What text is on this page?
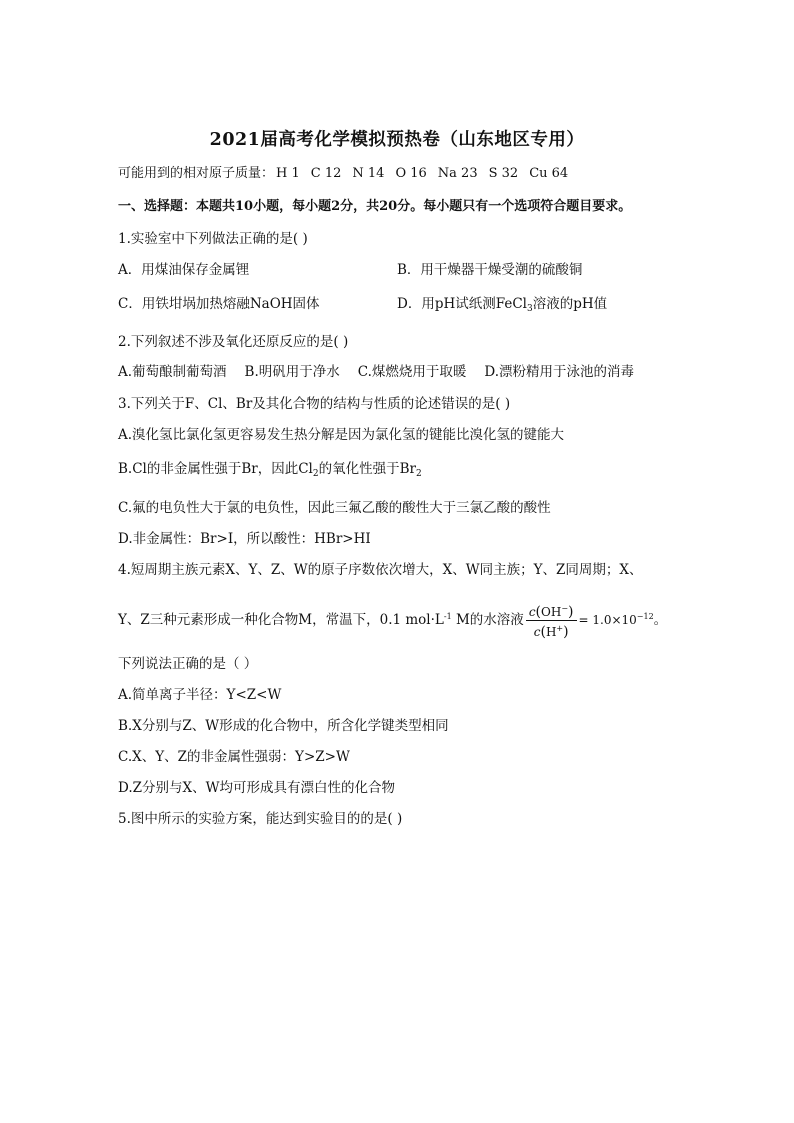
2021届高考化学模拟预热卷（山东地区专用）
可能用到的相对原子质量： H 1 C 12 N 14 O 16 Na 23 S 32 Cu 64
一、选择题：本题共10小题，每小题2分，共20分。每小题只有一个选项符合题目要求。
1.实验室中下列做法正确的是( )
A．用煤油保存金属锂	B．用干燥器干燥受潮的硫酸铜
C．用铁坩埚加热熔融NaOH固体	D．用pH试纸测FeCl$_3$溶液的pH值
2.下列叙述不涉及氧化还原反应的是( )
A.葡萄酿制葡萄酒 B.明矾用于净水 C.煤燃烧用于取暖 D.漂粉精用于泳池的消毒
3.下列关于F、Cl、Br及其化合物的结构与性质的论述错误的是( )
A.溴化氢比氯化氢更容易发生热分解是因为氯化氢的键能比溴化氢的键能大
B.Cl的非金属性强于Br，因此$Cl_2$的氧化性强于$Br_2$
C.氟的电负性大于氯的电负性，因此三氟乙酸的酸性大于三氯乙酸的酸性
D.非金属性：Br>I，所以酸性：HBr>HI
4.短周期主族元素X、Y、Z、W的原子序数依次增大，X、W同主族；Y、Z同周期；X、
Y、Z三种元素形成一种化合物M，常温下，0.1 $mol\cdot L^{-1}$ M的水溶液 $\frac{c(OH^-)}{c(H^+)} = 1.0\times 10^{-12}$。
下列说法正确的是（ ）
A.简单离子半径：Y<Z<W
B.X分别与Z、W形成的化合物中，所含化学键类型相同
C.X、Y、Z的非金属性强弱：Y>Z>W
D.Z分别与X、W均可形成具有漂白性的化合物
5.图中所示的实验方案，能达到实验目的的是( )
